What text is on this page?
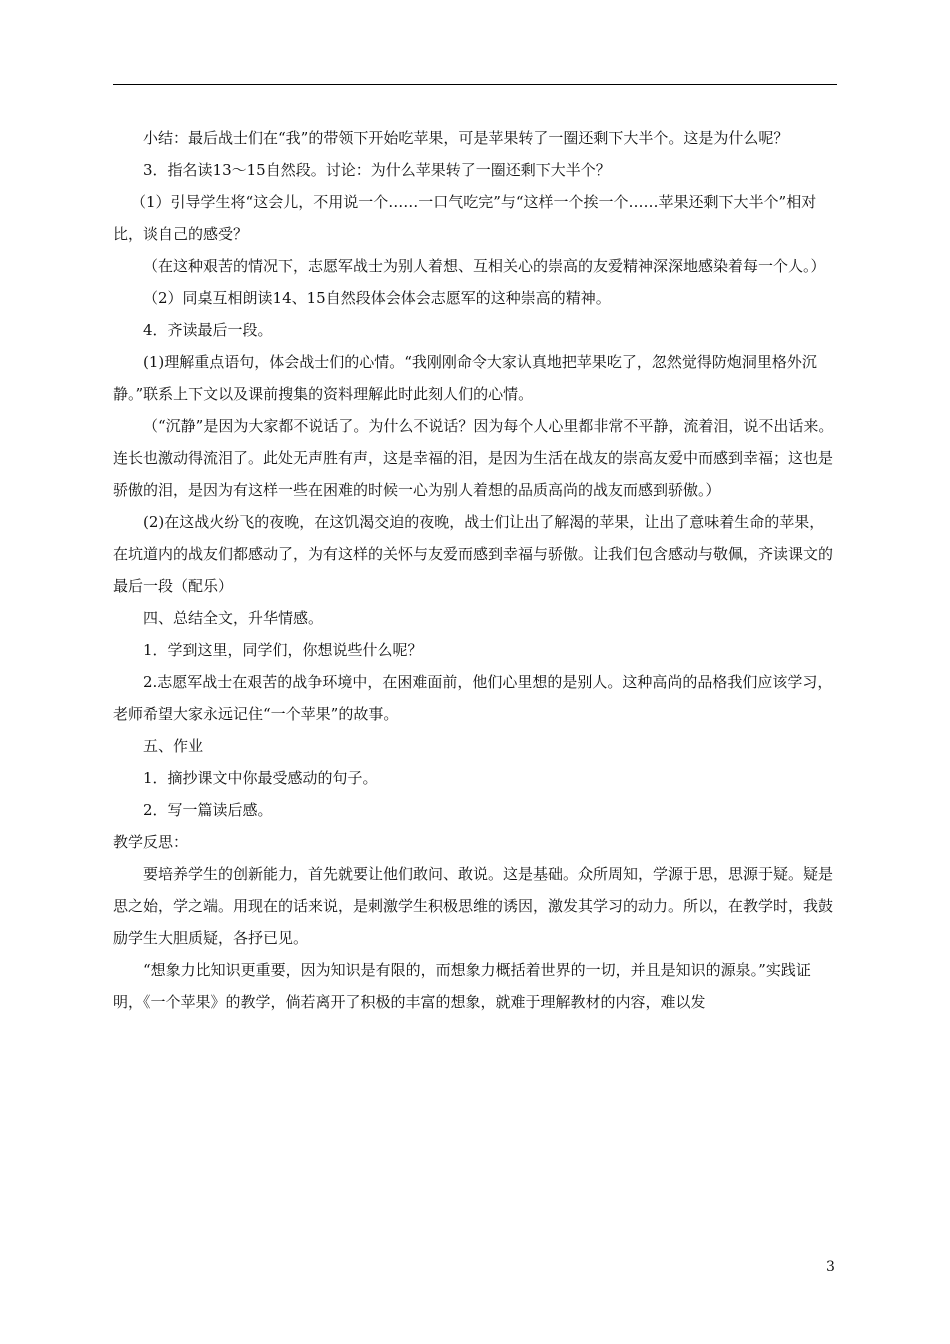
小结：最后战士们在“我”的带领下开始吃苹果，可是苹果转了一圈还剩下大半个。这是为什么呢？

3．指名读13～15自然段。讨论：为什么苹果转了一圈还剩下大半个？

（1）引导学生将“这会儿，不用说一个……一口气吃完”与“这样一个挨一个……苹果还剩下大半个”相对比，谈自己的感受？

（在这种艰苦的情况下，志愿军战士为别人着想、互相关心的崇高的友爱精神深深地感染着每一个人。）

（2）同桌互相朗读14、15自然段体会体会志愿军的这种崇高的精神。

4．齐读最后一段。

(1)理解重点语句，体会战士们的心情。“我刚刚命令大家认真地把苹果吃了，忽然觉得防炮洞里格外沉静。”联系上下文以及课前搜集的资料理解此时此刻人们的心情。

（“沉静”是因为大家都不说话了。为什么不说话？因为每个人心里都非常不平静，流着泪，说不出话来。连长也激动得流泪了。此处无声胜有声，这是幸福的泪，是因为生活在战友的崇高友爱中而感到幸福；这也是骄傲的泪，是因为有这样一些在困难的时候一心为别人着想的品质高尚的战友而感到骄傲。）

(2)在这战火纷飞的夜晚，在这饥渴交迫的夜晚，战士们让出了解渴的苹果，让出了意味着生命的苹果，在坑道内的战友们都感动了，为有这样的关怀与友爱而感到幸福与骄傲。让我们包含感动与敬佩，齐读课文的最后一段（配乐）

四、总结全文，升华情感。

1．学到这里，同学们，你想说些什么呢？

2.志愿军战士在艰苦的战争环境中，在困难面前，他们心里想的是别人。这种高尚的品格我们应该学习，老师希望大家永远记住“一个苹果”的故事。

五、作业

1．摘抄课文中你最受感动的句子。

2．写一篇读后感。

教学反思：

要培养学生的创新能力，首先就要让他们敢问、敢说。这是基础。众所周知，学源于思，思源于疑。疑是思之始，学之端。用现在的话来说，是刺激学生积极思维的诱因，激发其学习的动力。所以，在教学时，我鼓励学生大胆质疑，各抒已见。

“想象力比知识更重要，因为知识是有限的，而想象力概括着世界的一切，并且是知识的源泉。”实践证明，《一个苹果》的教学，倘若离开了积极的丰富的想象，就难于理解教材的内容，难以发

3
